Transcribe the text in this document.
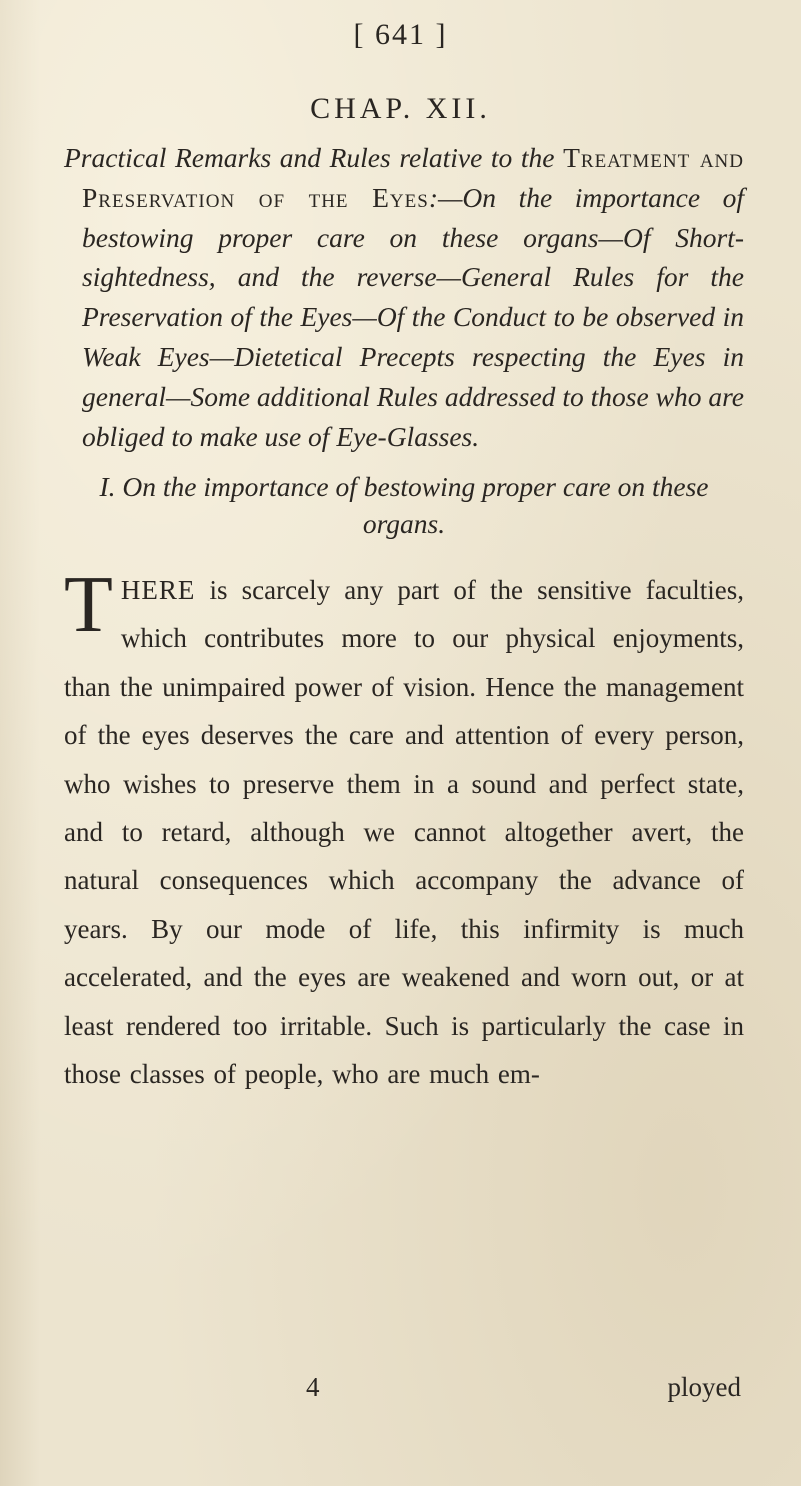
[ 641 ]
CHAP. XII.
Practical Remarks and Rules relative to the Treatment and Preservation of the Eyes:—On the importance of bestowing proper care on these organs—Of Short-sightedness, and the reverse—General Rules for the Preservation of the Eyes—Of the Conduct to be observed in Weak Eyes—Dietetical Precepts respecting the Eyes in general—Some additional Rules addressed to those who are obliged to make use of Eye-Glasses.
I. On the importance of bestowing proper care on these organs.
THERE is scarcely any part of the sensitive faculties, which contributes more to our physical enjoyments, than the unimpaired power of vision. Hence the management of the eyes deserves the care and attention of every person, who wishes to preserve them in a sound and perfect state, and to retard, although we cannot altogether avert, the natural consequences which accompany the advance of years. By our mode of life, this infirmity is much accelerated, and the eyes are weakened and worn out, or at least rendered too irritable. Such is particularly the case in those classes of people, who are much em-
4	ployed
